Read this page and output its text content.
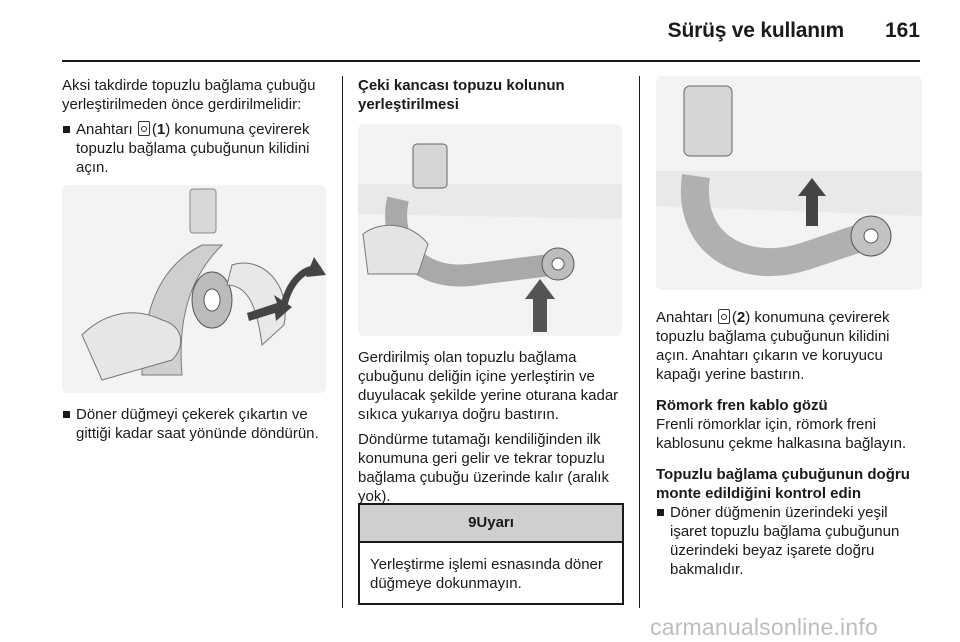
Sürüş ve kullanım 161

Aksi takdirde topuzlu bağlama çubuğu yerleştirilmeden önce gerdirilmelidir:

Anahtarı (1) konumuna çevirerek topuzlu bağlama çubuğunun kilidini açın.
Döner düğmeyi çekerek çıkartın ve gittiği kadar saat yönünde döndürün.

Çeki kancası topuzu kolunun yerleştirilmesi

Gerdirilmiş olan topuzlu bağlama çubuğunu deliğin içine yerleştirin ve duyulacak şekilde yerine oturana kadar sıkıca yukarıya doğru bastırın.

Döndürme tutamağı kendiliğinden ilk konumuna geri gelir ve tekrar topuzlu bağlama çubuğu üzerinde kalır (aralık yok).

9Uyarı
Yerleştirme işlemi esnasında döner düğmeye dokunmayın.

Anahtarı (2) konumuna çevirerek topuzlu bağlama çubuğunun kilidini açın. Anahtarı çıkarın ve koruyucu kapağı yerine bastırın.

Römork fren kablo gözü

Frenli römorklar için, römork freni kablosunu çekme halkasına bağlayın.

Topuzlu bağlama çubuğunun doğru monte edildiğini kontrol edin

Döner düğmenin üzerindeki yeşil işaret topuzlu bağlama çubuğunun üzerindeki beyaz işarete doğru bakmalıdır.
carmanualsonline.info
